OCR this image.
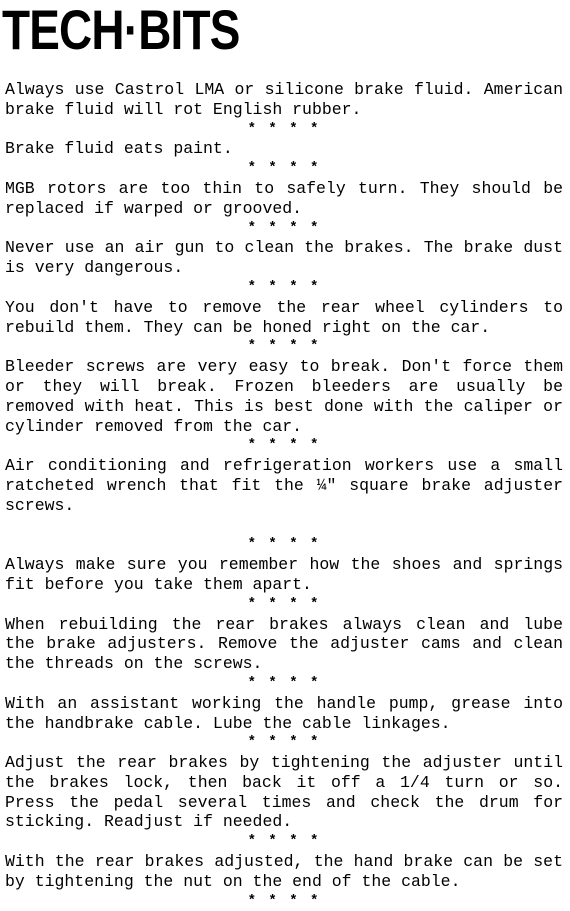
TECH·BITS

Always use Castrol LMA or silicone brake fluid. American brake fluid will rot English rubber.

* * * *

Brake fluid eats paint.

* * * *

MGB rotors are too thin to safely turn. They should be replaced if warped or grooved.

* * * *

Never use an air gun to clean the brakes. The brake dust is very dangerous.

* * * *

You don't have to remove the rear wheel cylinders to rebuild them. They can be honed right on the car.

* * * *

Bleeder screws are very easy to break. Don't force them or they will break. Frozen bleeders are usually be removed with heat. This is best done with the caliper or cylinder removed from the car.

* * * *

Air conditioning and refrigeration workers use a small ratcheted wrench that fit the ¼" square brake adjuster screws.

* * * *

Always make sure you remember how the shoes and springs fit before you take them apart.

* * * *

When rebuilding the rear brakes always clean and lube the brake adjusters. Remove the adjuster cams and clean the threads on the screws.

* * * *

With an assistant working the handle pump, grease into the handbrake cable. Lube the cable linkages.

* * * *

Adjust the rear brakes by tightening the adjuster until the brakes lock, then back it off a 1/4 turn or so. Press the pedal several times and check the drum for sticking. Readjust if needed.

* * * *

With the rear brakes adjusted, the hand brake can be set by tightening the nut on the end of the cable.

* * * *
